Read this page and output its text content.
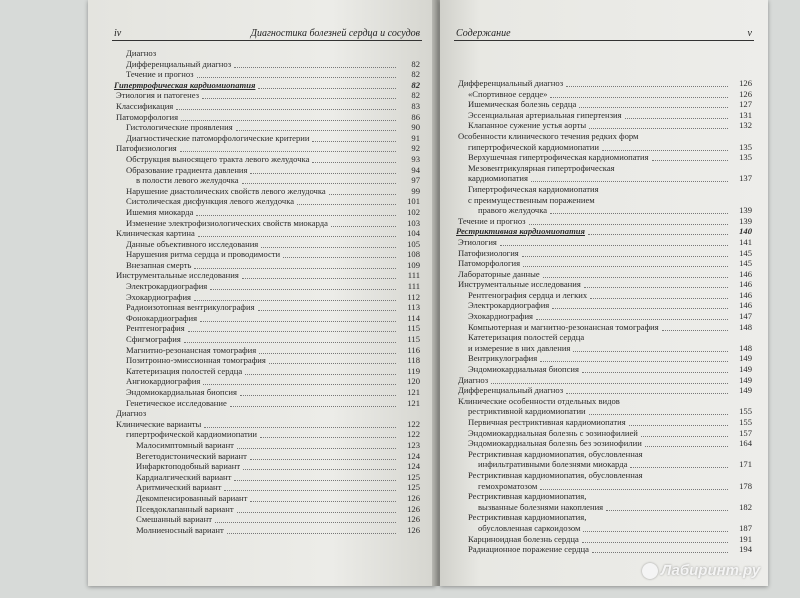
iv	Диагностика болезней сердца и сосудов
Диагноз
Дифференциальный диагноз	82
Течение и прогноз	82
Гипертрофическая кардиомиопатия	82
Этиология и патогенез	82
Классификация	83
Патоморфология	86
Гистологические проявления	90
Диагностические патоморфологические критерии	91
Патофизиология	92
Обструкция выносящего тракта левого желудочка	93
Образование градиента давления	94
в полости левого желудочка	97
Нарушение диастолических свойств левого желудочка	99
Систолическая дисфункция левого желудочка	101
Ишемия миокарда	102
Изменение электрофизиологических свойств миокарда	103
Клиническая картина	104
Данные объективного исследования	105
Нарушения ритма сердца и проводимости	108
Внезапная смерть	109
Инструментальные исследования	111
Электрокардиография	111
Эхокардиография	112
Радиоизотопная вентрикулография	113
Фонокардиография	114
Рентгенография	115
Сфигмография	115
Магнитно-резонансная томография	116
Позитронно-эмиссионная томография	118
Катетеризация полостей сердца	119
Ангиокардиография	120
Эндомиокардиальная биопсия	121
Генетическое исследование	121
Диагноз
Клинические варианты	122
гипертрофической кардиомиопатии	122
Малосимптомный вариант	123
Вегетодистонический вариант	124
Инфарктоподобный вариант	124
Кардиалгический вариант	125
Аритмический вариант	125
Декомпенсированный вариант	126
Псевдоклапанный вариант	126
Смешанный вариант	126
Молниеносный вариант	126
Содержание	v
Дифференциальный диагноз	126
«Спортивное сердце»	126
Ишемическая болезнь сердца	127
Эссенциальная артериальная гипертензия	131
Клапанное сужение устья аорты	132
Особенности клинического течения редких форм
гипертрофической кардиомиопатии	135
Верхушечная гипертрофическая кардиомиопатия	135
Мезовентрикулярная гипертрофическая
кардиомиопатия	137
Гипертрофическая кардиомиопатия
с преимущественным поражением
правого желудочка	139
Течение и прогноз	139
Рестриктивная кардиомиопатия	140
Этиология	141
Патофизиология	145
Патоморфология	145
Лабораторные данные	146
Инструментальные исследования	146
Рентгенография сердца и легких	146
Электрокардиография	146
Эхокардиография	147
Компьютерная и магнитно-резонансная томография	148
Катетеризация полостей сердца
и измерение в них давления	148
Вентрикулография	149
Эндомиокардиальная биопсия	149
Диагноз	149
Дифференциальный диагноз	149
Клинические особенности отдельных видов
рестриктивной кардиомиопатии	155
Первичная рестриктивная кардиомиопатия	155
Эндомиокардиальная болезнь с эозинофилией	157
Эндомиокардиальная болезнь без эозинофилии	164
Рестриктивная кардиомиопатия, обусловленная
инфильтративными болезнями миокарда	171
Рестриктивная кардиомиопатия, обусловленная
гемохроматозом	178
Рестриктивная кардиомиопатия,
вызванные болезнями накопления	182
Рестриктивная кардиомиопатия,
обусловленная саркоидозом	187
Карциноидная болезнь сердца	191
Радиационное поражение сердца	194
Лабиринт.ру
